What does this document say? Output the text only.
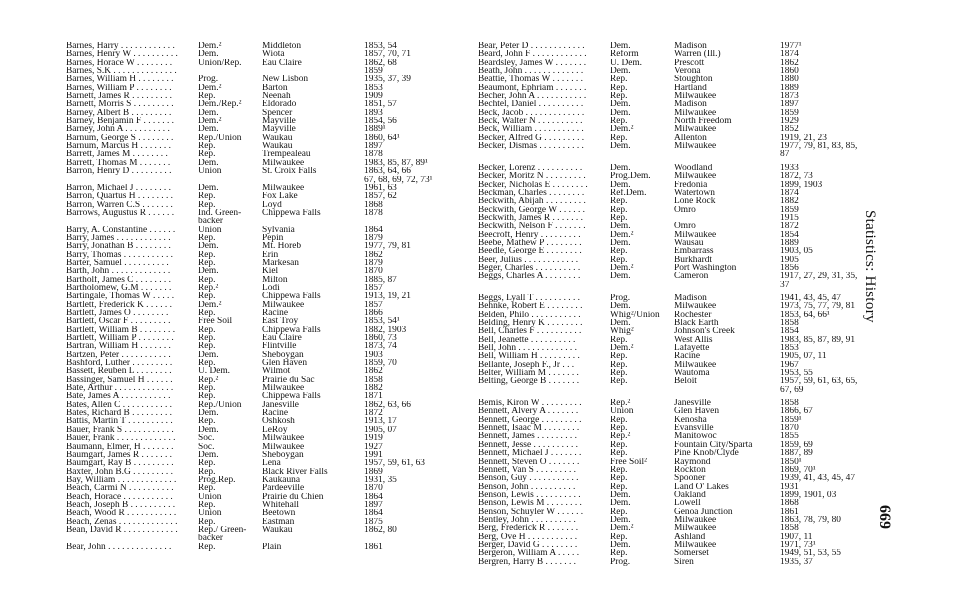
Barnes, Harry . . . . . . . . . . . .	Dem.²	Middleton	1853, 54
Barnes, Henry W . . . . . . . . . .	Dem.	Wiota	1857, 70, 71
Barnes, Horace W . . . . . . . .	Union/Rep.	Eau Claire	1862, 68
Barnes, S.K . . . . . . . . . . . . . .	1859
Barnes, William H . . . . . . . .	Prog.	New Lisbon	1935, 37, 39
Barnes, William P . . . . . . . .	Dem.²	Barton	1853
Barnett, James R . . . . . . . . .	Rep.	Neenah	1909
Barnett, Morris S . . . . . . . . .	Dem./Rep.²	Eldorado	1851, 57
Barney, Albert B . . . . . . . . .	Dem.	Spencer	1893
Barney, Benjamin F . . . . . . .	Dem.²	Mayville	1854, 56
Barney, John A . . . . . . . . . .	Dem.	Mayville	1889¹
Barnum, George S . . . . . . . .	Rep./Union	Waukau	1860, 64¹
Barnum, Marcus H . . . . . . .	Rep.	Waukau	1897
Barrett, James M . . . . . . . .	Rep.	Trempealeau	1878
Barrett, Thomas M . . . . . . .	Dem.	Milwaukee	1983, 85, 87, 89¹
Barron, Henry D . . . . . . . . .	Union	St. Croix Falls	1863, 64, 66
67, 68, 69, 72, 73¹
Barron, Michael J . . . . . . . .	Dem.	Milwaukee	1961, 63
Barron, Quartus H . . . . . . . .	Rep.	Fox Lake	1857, 62
Barron, Warren C.S . . . . . . .	Rep.	Loyd	1868
Barrows, Augustus R . . . . . .	Ind. Green-	Chippewa Falls	1878
backer
Barry, A. Constantine . . . . . .	Union	Sylvania	1864
Barry, James . . . . . . . . . . . .	Rep.	Pepin	1879
Barry, Jonathan B . . . . . . . .	Dem.	Mt. Horeb	1977, 79, 81
Barry, Thomas . . . . . . . . . . .	Rep.	Erin	1862
Barter, Samuel . . . . . . . . . .	Rep.	Markesan	1879
Barth, John . . . . . . . . . . . . .	Dem.	Kiel	1870
Bartholf, James C . . . . . . . .	Rep.	Milton	1885, 87
Bartholomew, G.M . . . . . . .	Rep.²	Lodi	1857
Bartingale, Thomas W . . . . .	Rep.	Chippewa Falls	1913, 19, 21
Bartlett, Frederick K . . . . . .	Dem.²	Milwaukee	1857
Bartlett, James O . . . . . . . .	Rep.	Racine	1866
Bartlett, Oscar F . . . . . . . . .	Free Soil	East Troy	1853, 54¹
Bartlett, William B . . . . . . . .	Rep.	Chippewa Falls	1882, 1903
Bartlett, William P . . . . . . . .	Rep.	Eau Claire	1860, 73
Bartran, William H . . . . . . .	Rep.	Flintville	1873, 74
Bartzen, Peter . . . . . . . . . . .	Dem.	Sheboygan	1903
Bashford, Luther . . . . . . . . .	Rep.	Glen Haven	1859, 70
Bassett, Reuben L . . . . . . . .	U. Dem.	Wilmot	1862
Bassinger, Samuel H . . . . . .	Rep.²	Prairie du Sac	1858
Bate, Arthur . . . . . . . . . . . . .	Rep.	Milwaukee	1882
Bate, James A . . . . . . . . . . .	Rep.	Chippewa Falls	1871
Bates, Allen C . . . . . . . . . . .	Rep./Union	Janesville	1862, 63, 66
Bates, Richard B . . . . . . . . .	Dem.	Racine	1872
Battis, Martin T . . . . . . . . . .	Rep.	Oshkosh	1913, 17
Bauer, Frank S . . . . . . . . . . .	Dem.	LeRoy	1905, 07
Bauer, Frank . . . . . . . . . . . . .	Soc.	Milwaukee	1919
Baumann, Elmer, H . . . . . . .	Soc.	Milwaukee	1927
Baumgart, James R . . . . . . .	Dem.	Sheboygan	1991
Baumgart, Ray B . . . . . . . . .	Rep.	Lena	1957, 59, 61, 63
Baxter, John B.G . . . . . . . . .	Rep.	Black River Falls	1869
Bay, William . . . . . . . . . . . . .	Prog.Rep.	Kaukauna	1931, 35
Beach, Carmi N . . . . . . . . . .	Rep.	Pardeeville	1870
Beach, Horace . . . . . . . . . . .	Union	Prairie du Chien	1864
Beach, Joseph B . . . . . . . . . .	Rep.	Whitehall	1897
Beach, Wood R . . . . . . . . . . .	Union	Beetown	1864
Beach, Zenas . . . . . . . . . . . . .	Rep.	Eastman	1875
Bean, David R . . . . . . . . . . . .	Rep./ Green-	Waukau	1862, 80
backer
Bear, John . . . . . . . . . . . . . .	Rep.	Plain	1861
Bear, Peter D . . . . . . . . . . . .	Dem.	Madison	1977¹
Beard, John F . . . . . . . . . . . .	Reform	Warren (Ill.)	1874
Beardsley, James W . . . . . . .	U. Dem.	Prescott	1862
Beath, John . . . . . . . . . . . . .	Dem.	Verona	1860
Beattie, Thomas W . . . . . . .	Rep.	Stoughton	1880
Beaumont, Ephriam . . . . . . .	Rep.	Hartland	1889
Becher, John A . . . . . . . . . . .	Rep.	Milwaukee	1873
Bechtel, Daniel . . . . . . . . . .	Dem.	Madison	1897
Beck, Jacob . . . . . . . . . . . . .	Dem.	Milwaukee	1859
Beck, Walter N . . . . . . . . . .	Rep.	North Freedom	1929
Beck, William . . . . . . . . . . .	Dem.²	Milwaukee	1852
Becker, Alfred G . . . . . . . . .	Rep.	Allenton	1919, 21, 23
Becker, Dismas . . . . . . . . . .	Dem.	Milwaukee	1977, 79, 81, 83, 85,
87
Becker, Lorenz . . . . . . . . . .	Dem.	Woodland	1933
Becker, Moritz N . . . . . . . . .	Prog.Dem.	Milwaukee	1872, 73
Becker, Nicholas E . . . . . . . .	Dem.	Fredonia	1899, 1903
Beckman, Charles . . . . . . . .	Ref.Dem.	Watertown	1874
Beckwith, Abijah . . . . . . . . .	Rep.	Lone Rock	1882
Beckwith, George W . . . . . .	Rep.	Omro	1859
Beckwith, James R . . . . . . .	Rep.	1915
Beckwith, Nelson F . . . . . . .	Dem.	Omro	1872
Beecroft, Henry . . . . . . . . .	Dem.²	Milwaukee	1854
Beebe, Mathew P . . . . . . . .	Dem.	Wausau	1889
Beedle, George E . . . . . . . .	Rep.	Embarrass	1903, 05
Beer, Julius . . . . . . . . . . . .	Rep.	Burkhardt	1905
Beger, Charles . . . . . . . . . .	Dem.²	Port Washington	1856
Beggs, Charles A . . . . . . . .	Dem.	Cameron	1917, 27, 29, 31, 35,
37
Beggs, Lyall T . . . . . . . . . .	Prog.	Madison	1941, 43, 45, 47
Behnke, Robert E . . . . . . . .	Dem.	Milwaukee	1973, 75, 77, 79, 81
Belden, Philo . . . . . . . . . . .	Whig²/Union	Rochester	1853, 64, 66¹
Belding, Henry K . . . . . . . .	Dem.	Black Earth	1858
Bell, Charles F . . . . . . . . . .	Whig²	Johnson's Creek	1854
Bell, Jeanette . . . . . . . . . .	Rep.	West Allis	1983, 85, 87, 89, 91
Bell, John . . . . . . . . . . . . .	Dem.²	Lafayette	1853
Bell, William H . . . . . . . . .	Rep.	Racine	1905, 07, 11
Bellante, Joseph F., Jr . . .	Rep.	Milwaukee	1967
Belter, William M . . . . . . .	Rep.	Wautoma	1953, 55
Belting, George B . . . . . . .	Rep.	Beloit	1957, 59, 61, 63, 65,
67, 69
Bemis, Kiron W . . . . . . . . .	Rep.²	Janesville	1858
Bennett, Alvery A . . . . . . .	Union	Glen Haven	1866, 67
Bennett, George . . . . . . . . .	Rep.	Kenosha	1859¹
Bennett, Isaac M . . . . . . . .	Rep.	Evansville	1870
Bennett, James . . . . . . . . .	Rep.²	Manitowoc	1855
Bennett, Jesse . . . . . . . . . .	Rep.	Fountain City/Sparta	1859, 69
Bennett, Michael J . . . . . . .	Rep.	Pine Knob/Clyde	1887, 89
Bennett, Steven O . . . . . . .	Free Soil²	Raymond	1850¹
Bennett, Van S . . . . . . . . .	Rep.	Rockton	1869, 70¹
Benson, Guy . . . . . . . . . . .	Rep.	Spooner	1939, 41, 43, 45, 47
Benson, John . . . . . . . . . .	Rep.	Land O' Lakes	1931
Benson, Lewis . . . . . . . . . .	Dem.	Oakland	1899, 1901, 03
Benson, Lewis M . . . . . . . .	Dem.	Lowell	1868
Benson, Schuyler W . . . . . .	Rep.	Genoa Junction	1861
Bentley, John . . . . . . . . . .	Dem.	Milwaukee	1863, 78, 79, 80
Berg, Frederick R . . . . . . .	Dem.²	Milwaukee	1858
Berg, Ove H . . . . . . . . . . .	Rep.	Ashland	1907, 11
Berger, David G . . . . . . . .	Dem.	Milwaukee	1971, 73¹
Bergeron, William A . . . . .	Rep.	Somerset	1949, 51, 53, 55
Bergren, Harry B . . . . . . .	Prog.	Siren	1935, 37
Statistics: History
669
